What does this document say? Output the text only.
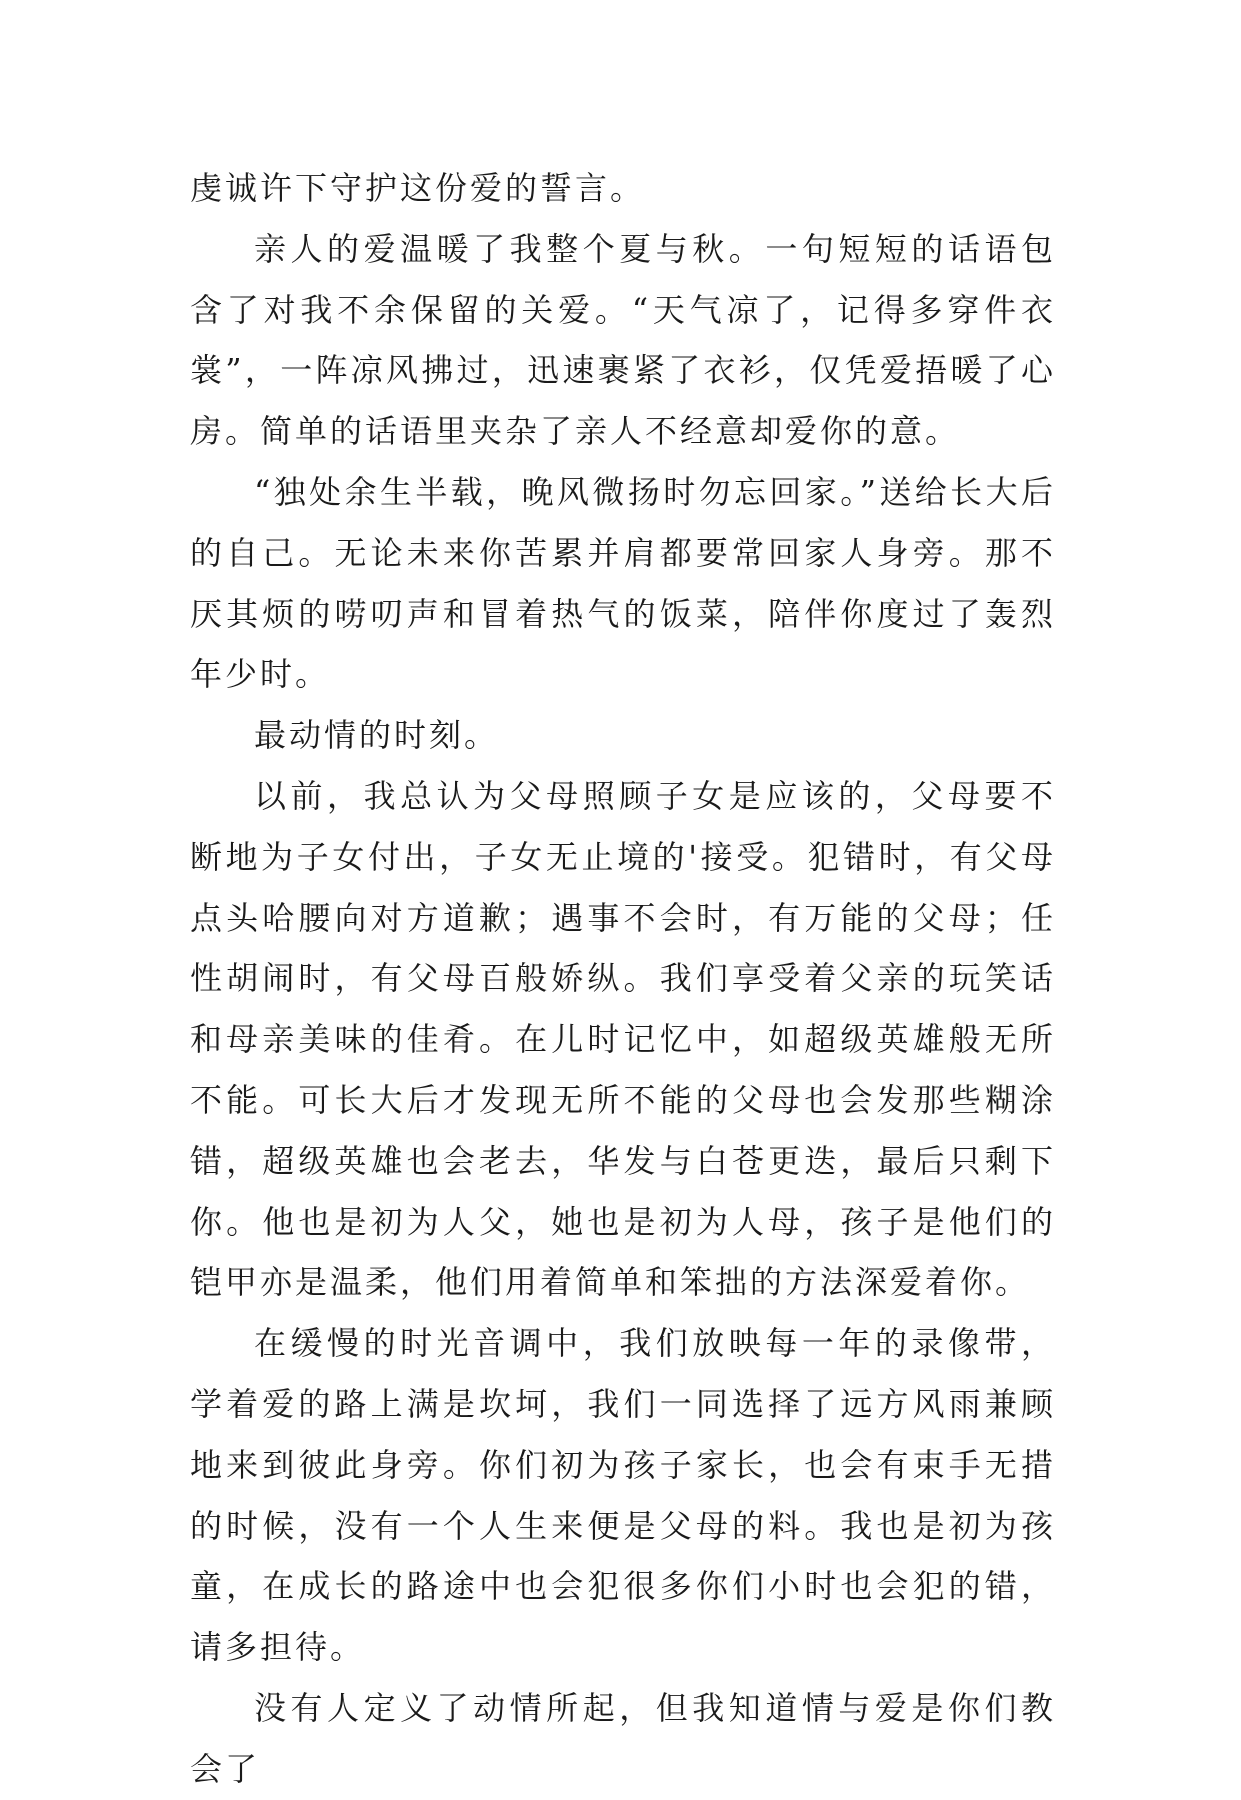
虔诚许下守护这份爱的誓言。

亲人的爱温暖了我整个夏与秋。一句短短的话语包含了对我不余保留的关爱。“天气凉了，记得多穿件衣裳”，一阵凉风拂过，迅速裹紧了衣衫，仅凭爱捂暖了心房。简单的话语里夹杂了亲人不经意却爱你的意。

“独处余生半载，晚风微扬时勿忘回家。”送给长大后的自己。无论未来你苦累并肩都要常回家人身旁。那不厌其烦的唠叨声和冒着热气的饭菜，陪伴你度过了轰烈年少时。

最动情的时刻。

以前，我总认为父母照顾子女是应该的，父母要不断地为子女付出，子女无止境的'接受。犯错时，有父母点头哈腰向对方道歉；遇事不会时，有万能的父母；任性胡闹时，有父母百般娇纵。我们享受着父亲的玩笑话和母亲美味的佳肴。在儿时记忆中，如超级英雄般无所不能。可长大后才发现无所不能的父母也会发那些糊涂错，超级英雄也会老去，华发与白苍更迭，最后只剩下你。他也是初为人父，她也是初为人母，孩子是他们的铠甲亦是温柔，他们用着简单和笨拙的方法深爱着你。

在缓慢的时光音调中，我们放映每一年的录像带，学着爱的路上满是坎坷，我们一同选择了远方风雨兼顾地来到彼此身旁。你们初为孩子家长，也会有束手无措的时候，没有一个人生来便是父母的料。我也是初为孩童，在成长的路途中也会犯很多你们小时也会犯的错，请多担待。

没有人定义了动情所起，但我知道情与爱是你们教会了
